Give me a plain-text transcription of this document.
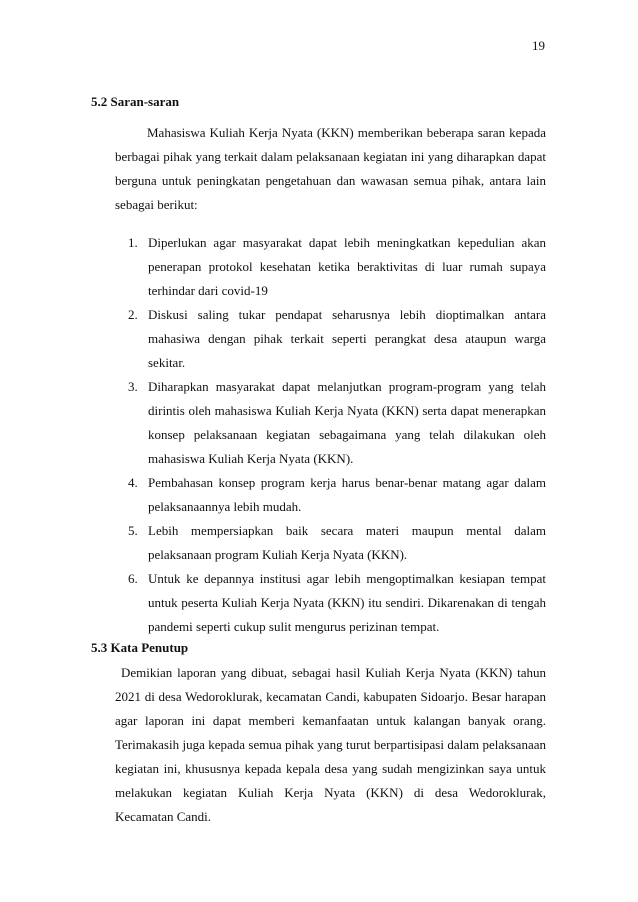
19
5.2 Saran-saran

Mahasiswa Kuliah Kerja Nyata (KKN) memberikan beberapa saran kepada berbagai pihak yang terkait dalam pelaksanaan kegiatan ini yang diharapkan dapat berguna untuk peningkatan pengetahuan dan wawasan semua pihak, antara lain sebagai berikut:

1. Diperlukan agar masyarakat dapat lebih meningkatkan kepedulian akan penerapan protokol kesehatan ketika beraktivitas di luar rumah supaya terhindar dari covid-19
2. Diskusi saling tukar pendapat seharusnya lebih dioptimalkan antara mahasiwa dengan pihak terkait seperti perangkat desa ataupun warga sekitar.
3. Diharapkan masyarakat dapat melanjutkan program-program yang telah dirintis oleh mahasiswa Kuliah Kerja Nyata (KKN) serta dapat menerapkan konsep pelaksanaan kegiatan sebagaimana yang telah dilakukan oleh mahasiswa Kuliah Kerja Nyata (KKN).
4. Pembahasan konsep program kerja harus benar-benar matang agar dalam pelaksanaannya lebih mudah.
5. Lebih mempersiapkan baik secara materi maupun mental dalam pelaksanaan program Kuliah Kerja Nyata (KKN).
6. Untuk ke depannya institusi agar lebih mengoptimalkan kesiapan tempat untuk peserta Kuliah Kerja Nyata (KKN) itu sendiri. Dikarenakan di tengah pandemi seperti cukup sulit mengurus perizinan tempat.
5.3 Kata Penutup

Demikian laporan yang dibuat, sebagai hasil Kuliah Kerja Nyata (KKN) tahun 2021 di desa Wedoroklurak, kecamatan Candi, kabupaten Sidoarjo. Besar harapan agar laporan ini dapat memberi kemanfaatan untuk kalangan banyak orang. Terimakasih juga kepada semua pihak yang turut berpartisipasi dalam pelaksanaan kegiatan ini, khususnya kepada kepala desa yang sudah mengizinkan saya untuk melakukan kegiatan Kuliah Kerja Nyata (KKN) di desa Wedoroklurak, Kecamatan Candi.
